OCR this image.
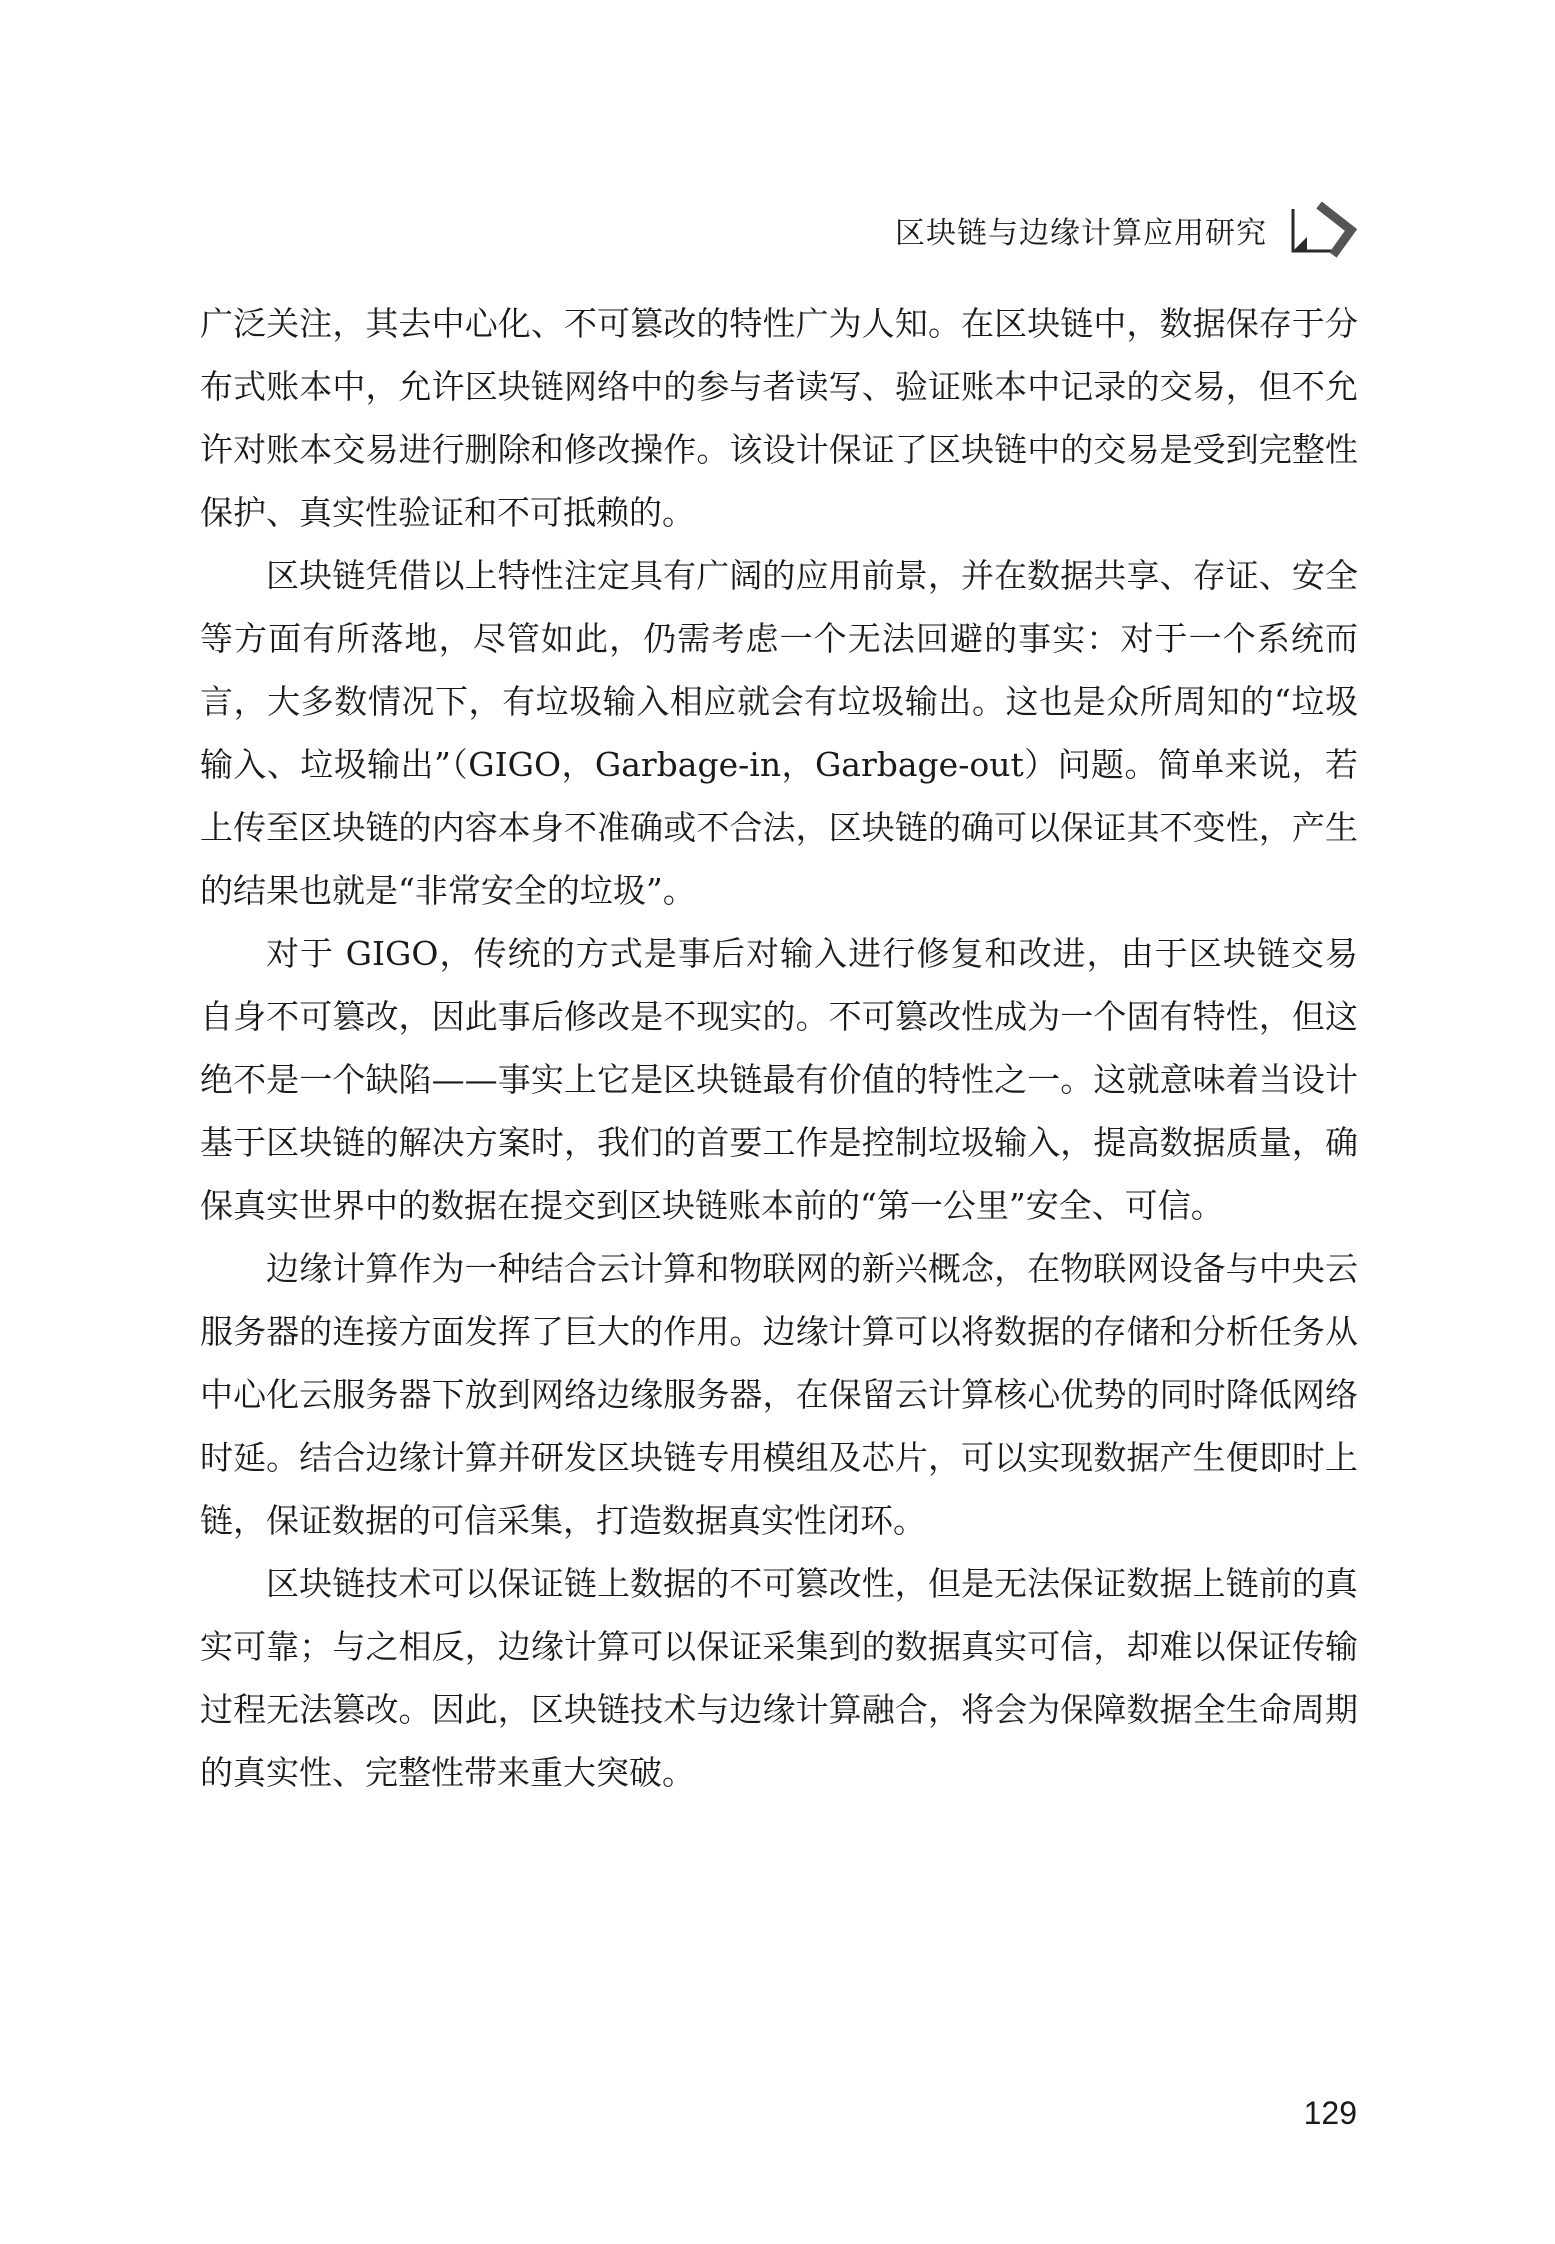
区块链与边缘计算应用研究

广泛关注，其去中心化、不可篡改的特性广为人知。在区块链中，数据保存于分布式账本中，允许区块链网络中的参与者读写、验证账本中记录的交易，但不允许对账本交易进行删除和修改操作。该设计保证了区块链中的交易是受到完整性保护、真实性验证和不可抵赖的。

区块链凭借以上特性注定具有广阔的应用前景，并在数据共享、存证、安全等方面有所落地，尽管如此，仍需考虑一个无法回避的事实：对于一个系统而言，大多数情况下，有垃圾输入相应就会有垃圾输出。这也是众所周知的“垃圾输入、垃圾输出”（GIGO，Garbage-in，Garbage-out）问题。简单来说，若上传至区块链的内容本身不准确或不合法，区块链的确可以保证其不变性，产生的结果也就是“非常安全的垃圾”。

对于 GIGO，传统的方式是事后对输入进行修复和改进，由于区块链交易自身不可篡改，因此事后修改是不现实的。不可篡改性成为一个固有特性，但这绝不是一个缺陷——事实上它是区块链最有价值的特性之一。这就意味着当设计基于区块链的解决方案时，我们的首要工作是控制垃圾输入，提高数据质量，确保真实世界中的数据在提交到区块链账本前的“第一公里”安全、可信。

边缘计算作为一种结合云计算和物联网的新兴概念，在物联网设备与中央云服务器的连接方面发挥了巨大的作用。边缘计算可以将数据的存储和分析任务从中心化云服务器下放到网络边缘服务器，在保留云计算核心优势的同时降低网络时延。结合边缘计算并研发区块链专用模组及芯片，可以实现数据产生便即时上链，保证数据的可信采集，打造数据真实性闭环。

区块链技术可以保证链上数据的不可篡改性，但是无法保证数据上链前的真实可靠；与之相反，边缘计算可以保证采集到的数据真实可信，却难以保证传输过程无法篡改。因此，区块链技术与边缘计算融合，将会为保障数据全生命周期的真实性、完整性带来重大突破。

129
